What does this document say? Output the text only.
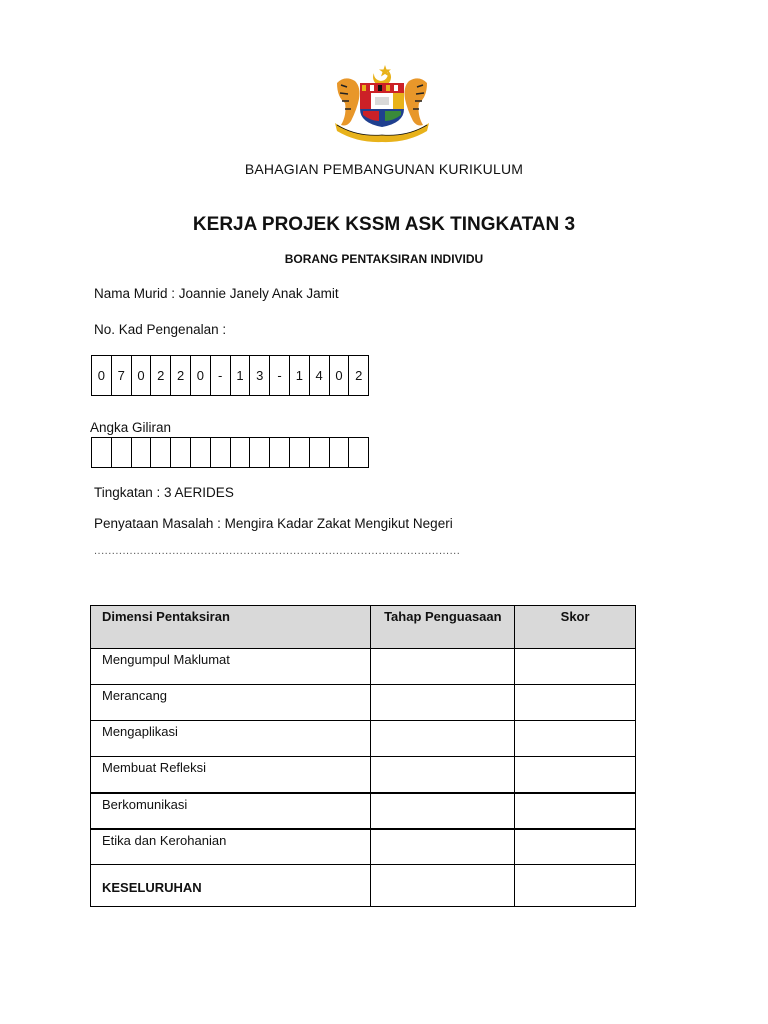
BAHAGIAN PEMBANGUNAN KURIKULUM
KERJA PROJEK KSSM ASK TINGKATAN 3
BORANG PENTAKSIRAN INDIVIDU
Nama Murid : Joannie Janely Anak Jamit
No. Kad Pengenalan :
0 7 0 2 2 0	-	1 3	-	1 4 0 2
Angka Giliran
Tingkatan : 3 AERIDES
Penyataan Masalah : Mengira Kadar Zakat Mengikut Negeri
.......................................................................................................
Dimensi Pentaksiran	Tahap Penguasaan	Skor
Mengumpul Maklumat		
Merancang		
Mengaplikasi		
Membuat Refleksi		
Berkomunikasi		
Etika dan Kerohanian		
KESELURUHAN		
